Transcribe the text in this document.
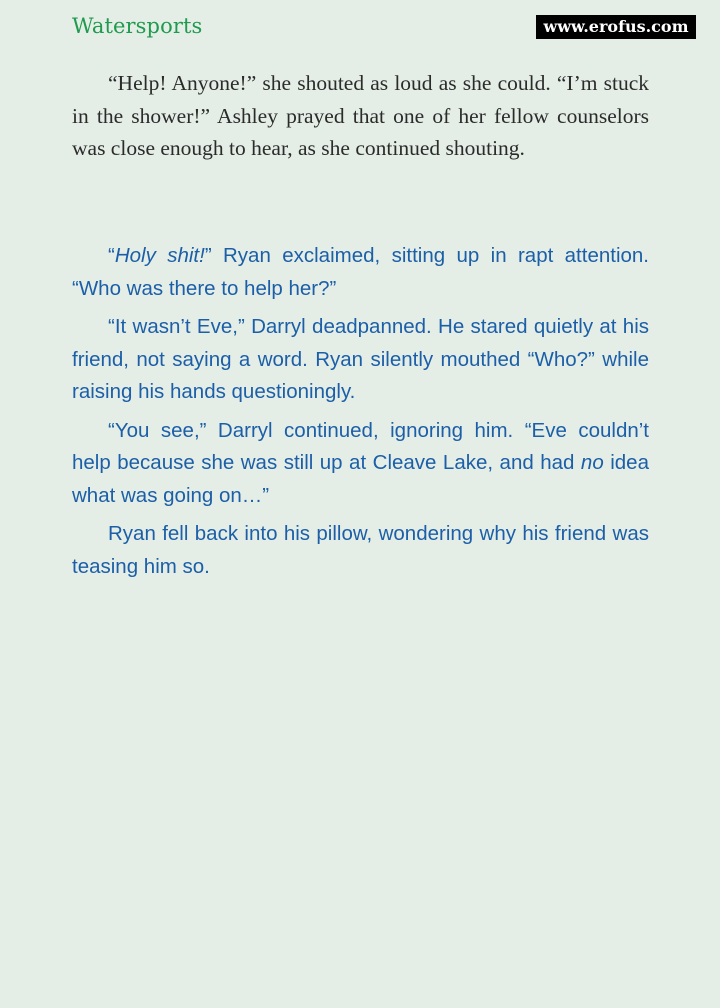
Watersports	www.erofus.com

“Help! Anyone!” she shouted as loud as she could. “I’m stuck in the shower!” Ashley prayed that one of her fellow counselors was close enough to hear, as she continued shouting.

“Holy shit!” Ryan exclaimed, sitting up in rapt attention. “Who was there to help her?”

“It wasn’t Eve,” Darryl deadpanned. He stared quietly at his friend, not saying a word. Ryan silently mouthed “Who?” while raising his hands questioningly.

“You see,” Darryl continued, ignoring him. “Eve couldn’t help because she was still up at Cleave Lake, and had no idea what was going on…”

Ryan fell back into his pillow, wondering why his friend was teasing him so.
